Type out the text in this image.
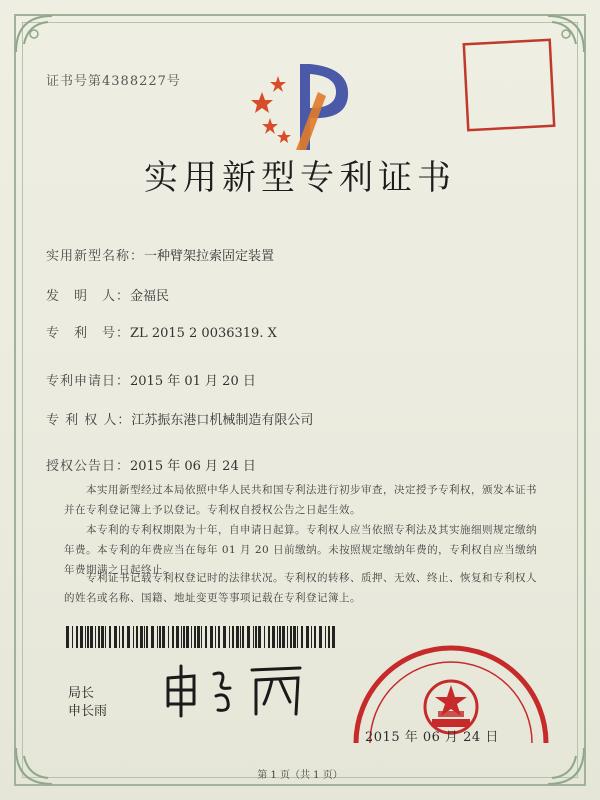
证书号第4388227号
实用新型专利证书
实用新型名称：一种臂架拉索固定装置
发　明　人：金福民
专　利　号：ZL 2015 2 0036319. X
专利申请日：2015 年 01 月 20 日
专 利 权 人：江苏振东港口机械制造有限公司
授权公告日：2015 年 06 月 24 日
本实用新型经过本局依照中华人民共和国专利法进行初步审查，决定授予专利权，颁发本证书并在专利登记簿上予以登记。专利权自授权公告之日起生效。
本专利的专利权期限为十年，自申请日起算。专利权人应当依照专利法及其实施细则规定缴纳年费。本专利的年费应当在每年 01 月 20 日前缴纳。未按照规定缴纳年费的，专利权自应当缴纳年费期满之日起终止。
专利证书记载专利权登记时的法律状况。专利权的转移、质押、无效、终止、恢复和专利权人的姓名或名称、国籍、地址变更等事项记载在专利登记簿上。
局长
申长雨
2015 年 06 月 24 日
第 1 页（共 1 页）
